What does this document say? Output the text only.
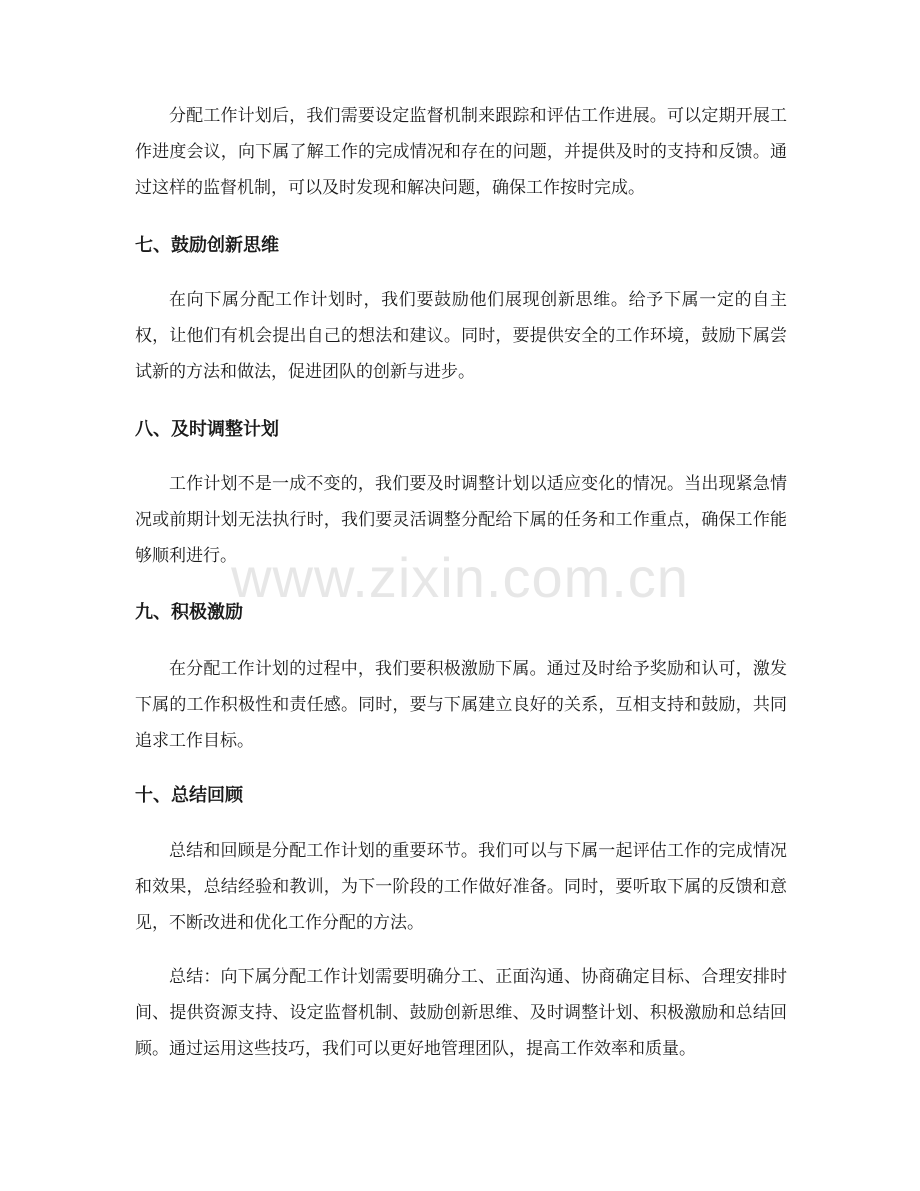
分配工作计划后，我们需要设定监督机制来跟踪和评估工作进展。可以定期开展工作进度会议，向下属了解工作的完成情况和存在的问题，并提供及时的支持和反馈。通过这样的监督机制，可以及时发现和解决问题，确保工作按时完成。

七、鼓励创新思维

在向下属分配工作计划时，我们要鼓励他们展现创新思维。给予下属一定的自主权，让他们有机会提出自己的想法和建议。同时，要提供安全的工作环境，鼓励下属尝试新的方法和做法，促进团队的创新与进步。

八、及时调整计划

工作计划不是一成不变的，我们要及时调整计划以适应变化的情况。当出现紧急情况或前期计划无法执行时，我们要灵活调整分配给下属的任务和工作重点，确保工作能够顺利进行。

九、积极激励

在分配工作计划的过程中，我们要积极激励下属。通过及时给予奖励和认可，激发下属的工作积极性和责任感。同时，要与下属建立良好的关系，互相支持和鼓励，共同追求工作目标。

十、总结回顾

总结和回顾是分配工作计划的重要环节。我们可以与下属一起评估工作的完成情况和效果，总结经验和教训，为下一阶段的工作做好准备。同时，要听取下属的反馈和意见，不断改进和优化工作分配的方法。

总结：向下属分配工作计划需要明确分工、正面沟通、协商确定目标、合理安排时间、提供资源支持、设定监督机制、鼓励创新思维、及时调整计划、积极激励和总结回顾。通过运用这些技巧，我们可以更好地管理团队，提高工作效率和质量。

www.zixin.com.cn
